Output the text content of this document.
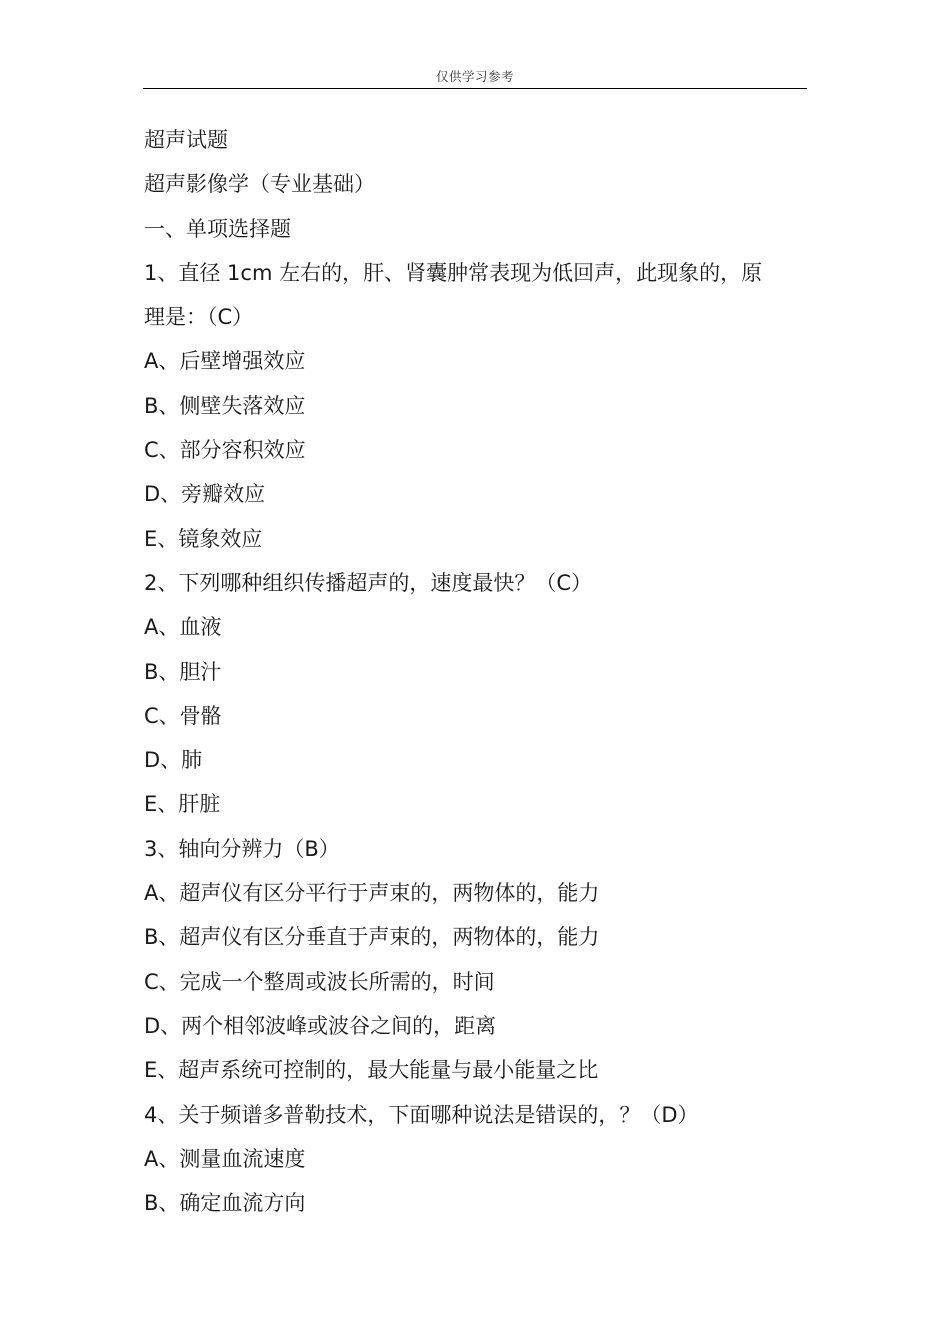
仅供学习参考
超声试题
超声影像学（专业基础）
一、单项选择题
1、直径 1cm 左右的，肝、肾囊肿常表现为低回声，此现象的，原
理是：（C）
A、后壁增强效应
B、侧壁失落效应
C、部分容积效应
D、旁瓣效应
E、镜象效应
2、下列哪种组织传播超声的，速度最快？（C）
A、血液
B、胆汁
C、骨骼
D、肺
E、肝脏
3、轴向分辨力（B）
A、超声仪有区分平行于声束的，两物体的，能力
B、超声仪有区分垂直于声束的，两物体的，能力
C、完成一个整周或波长所需的，时间
D、两个相邻波峰或波谷之间的，距离
E、超声系统可控制的，最大能量与最小能量之比
4、关于频谱多普勒技术，下面哪种说法是错误的，？（D）
A、测量血流速度
B、确定血流方向
